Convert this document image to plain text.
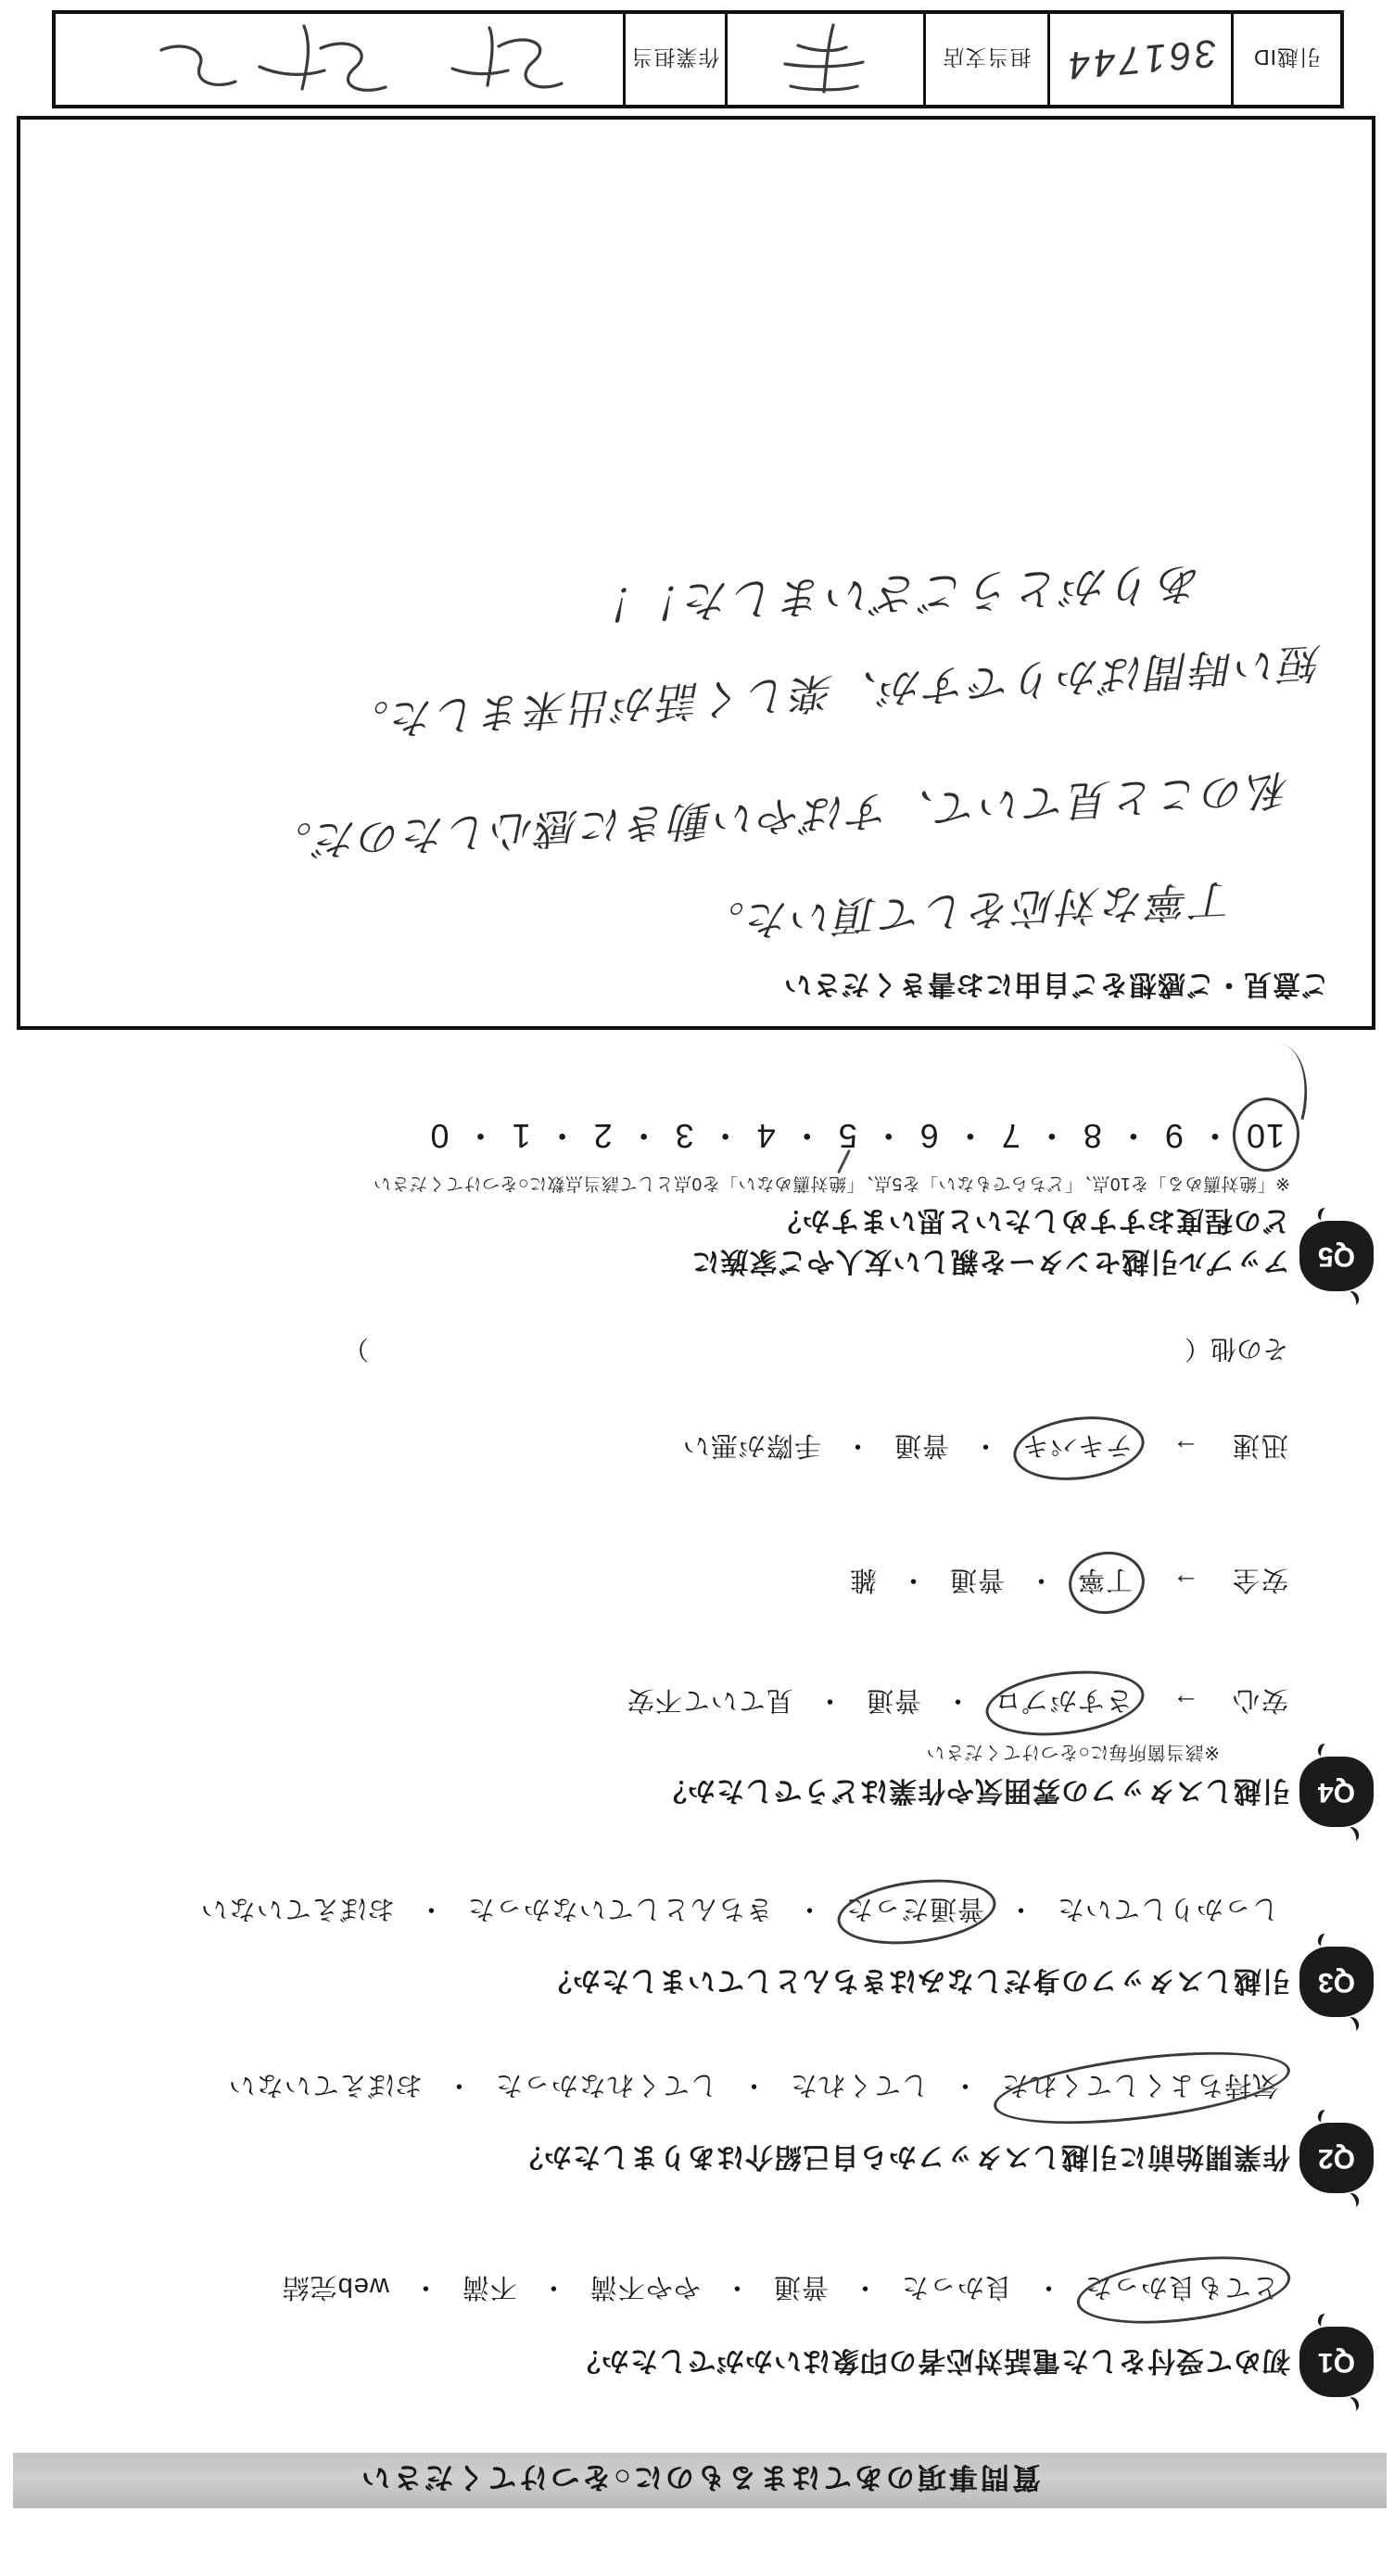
質問事項のあてはまるものに○をつけてください
Q1
初めて受付をした電話対応者の印象はいかがでしたか？
とても良かった・良かった・普通・やや不満・不満・web完結
Q2
作業開始前に引越しスタッフから自己紹介はありましたか？
気持ちよくしてくれた・してくれた・してくれなかった・おぼえていない
Q3
引越しスタッフの身だしなみはきちんとしていましたか？
しっかりしていた・普通だった・きちんとしていなかった・おぼえていない
Q4
引越しスタッフの雰囲気や作業はどうでしたか？
※該当箇所毎に○をつけてください
安心
→
さすがプロ・普通・見ていて不安
安全
→
丁寧・普通・雑
迅速
→
テキパキ・普通・手際が悪い
その他（）
Q5
アップル引越センターを親しい友人やご家族に
どの程度おすすめしたいと思いますか？
※「絶対薦める」を10点、「どちらでもない」を5点、「絶対薦めない」を0点として該当点数に○をつけてください
10・9・8・7・6・5・4・3・2・1・0
ご意見・ご感想をご自由にお書きください
丁寧な対応をして頂いた。
私のこと見ていて、すばやい動きに感心したのだ。
短い時間ばかりですが、楽しく話が出来ました。
ありがとうございました！！
引越ID
361744
担当支店
作業担当
